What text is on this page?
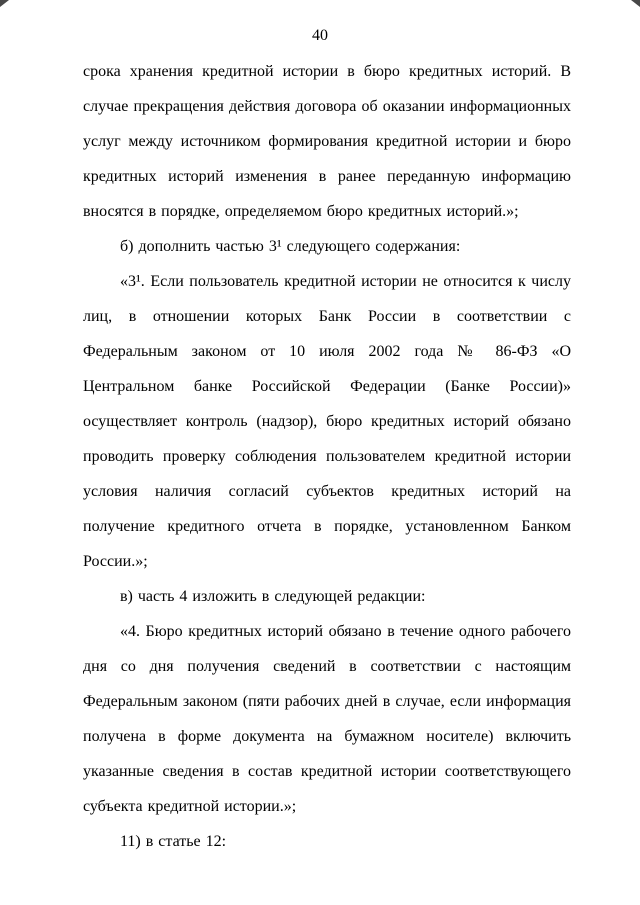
40

срока хранения кредитной истории в бюро кредитных историй. В случае прекращения действия договора об оказании информационных услуг между источником формирования кредитной истории и бюро кредитных историй изменения в ранее переданную информацию вносятся в порядке, определяемом бюро кредитных историй.»;

б) дополнить частью 3¹ следующего содержания:

«3¹. Если пользователь кредитной истории не относится к числу лиц, в отношении которых Банк России в соответствии с Федеральным законом от 10 июля 2002 года № 86-ФЗ «О Центральном банке Российской Федерации (Банке России)» осуществляет контроль (надзор), бюро кредитных историй обязано проводить проверку соблюдения пользователем кредитной истории условия наличия согласий субъектов кредитных историй на получение кредитного отчета в порядке, установленном Банком России.»;

в) часть 4 изложить в следующей редакции:

«4. Бюро кредитных историй обязано в течение одного рабочего дня со дня получения сведений в соответствии с настоящим Федеральным законом (пяти рабочих дней в случае, если информация получена в форме документа на бумажном носителе) включить указанные сведения в состав кредитной истории соответствующего субъекта кредитной истории.»;

11) в статье 12:
